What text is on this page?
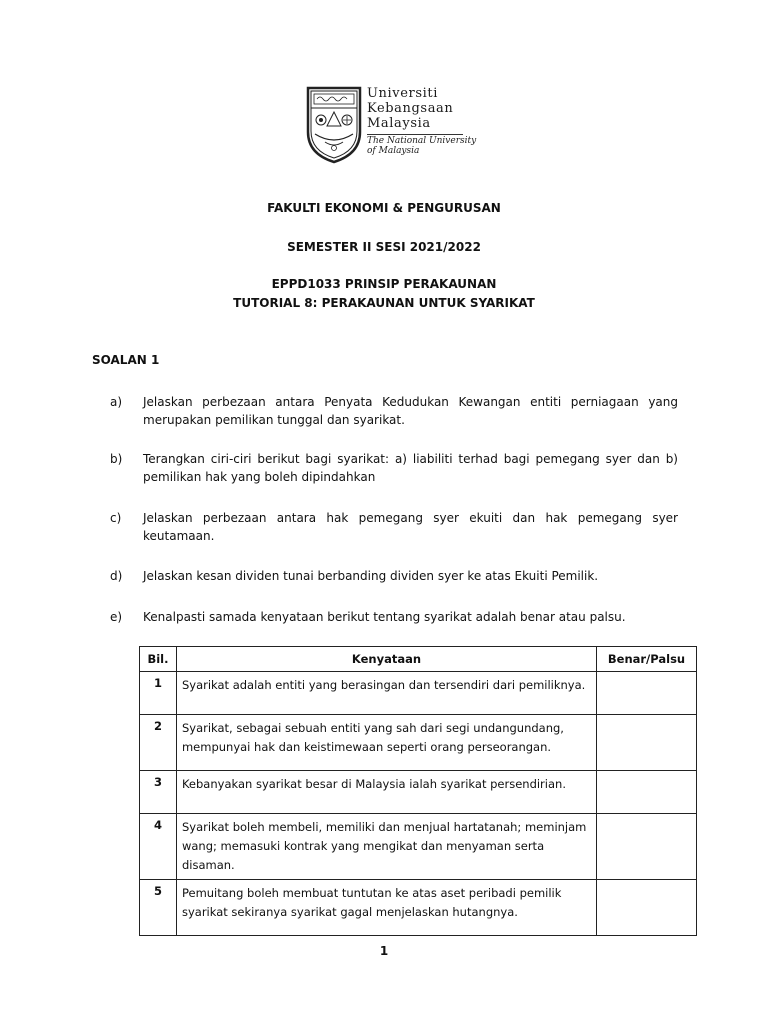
Universiti
Kebangsaan
Malaysia
The National University
of Malaysia
FAKULTI EKONOMI & PENGURUSAN
SEMESTER II SESI 2021/2022
EPPD1033 PRINSIP PERAKAUNAN
TUTORIAL 8: PERAKAUNAN UNTUK SYARIKAT
SOALAN 1
a) Jelaskan perbezaan antara Penyata Kedudukan Kewangan entiti perniagaan yang merupakan pemilikan tunggal dan syarikat.
b) Terangkan ciri-ciri berikut bagi syarikat: a) liabiliti terhad bagi pemegang syer dan b) pemilikan hak yang boleh dipindahkan
c) Jelaskan perbezaan antara hak pemegang syer ekuiti dan hak pemegang syer keutamaan.
d) Jelaskan kesan dividen tunai berbanding dividen syer ke atas Ekuiti Pemilik.
e) Kenalpasti samada kenyataan berikut tentang syarikat adalah benar atau palsu.
Bil.	Kenyataan	Benar/Palsu
1	Syarikat adalah entiti yang berasingan dan tersendiri dari pemiliknya.	
2	Syarikat, sebagai sebuah entiti yang sah dari segi undangundang, mempunyai hak dan keistimewaan seperti orang perseorangan.	
3	Kebanyakan syarikat besar di Malaysia ialah syarikat persendirian.	
4	Syarikat boleh membeli, memiliki dan menjual hartatanah; meminjam wang; memasuki kontrak yang mengikat dan menyaman serta disaman.	
5	Pemuitang boleh membuat tuntutan ke atas aset peribadi pemilik syarikat sekiranya syarikat gagal menjelaskan hutangnya.	
1
